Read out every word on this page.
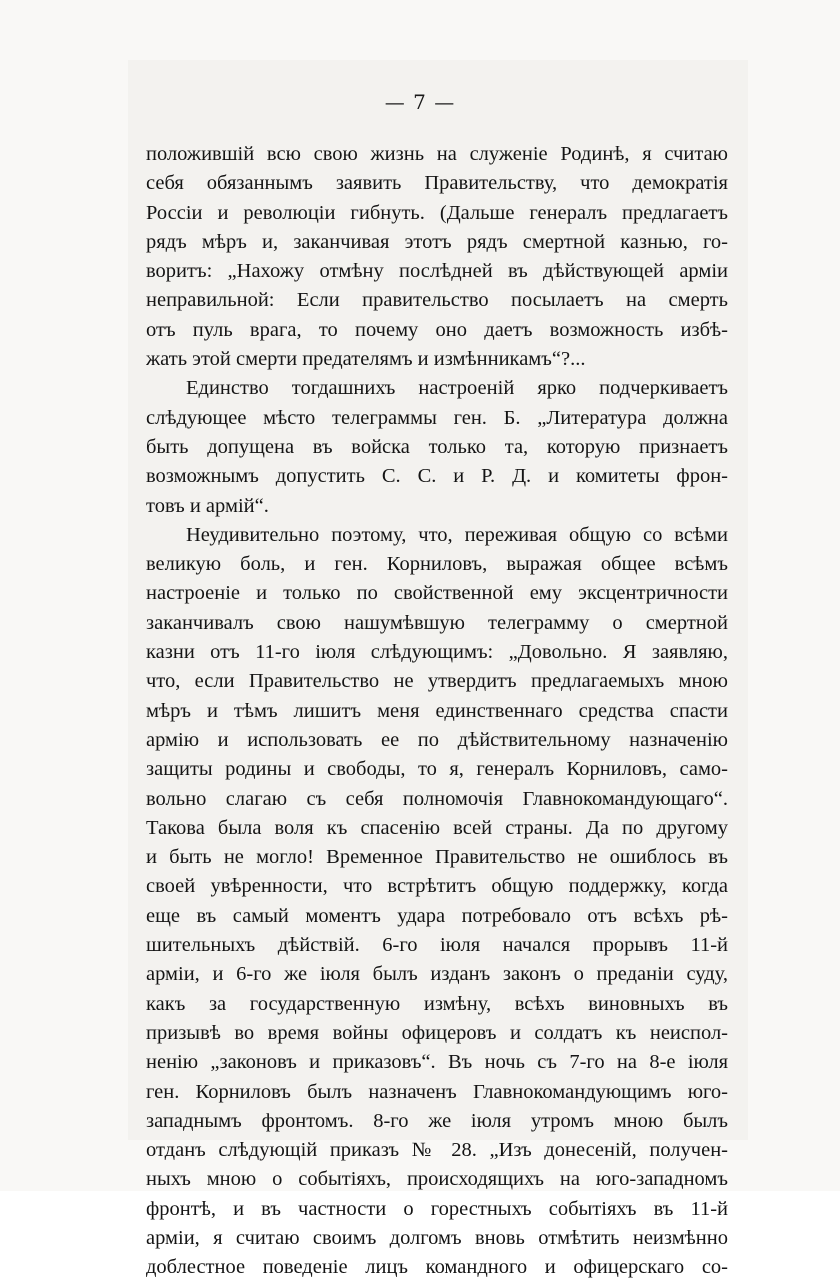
— 7 —
положившій всю свою жизнь на служеніе Родинѣ, я считаю
себя обязаннымъ заявить Правительству, что демократія
Россіи и революціи гибнуть. (Дальше генералъ предлагаетъ
рядъ мѣръ и, заканчивая этотъ рядъ смертной казнью, го-
воритъ: „Нахожу отмѣну послѣдней въ дѣйствующей арміи
неправильной: Если правительство посылаетъ на смерть
отъ пуль врага, то почему оно даетъ возможность избѣ-
жать этой смерти предателямъ и измѣнникамъ“?...
Единство тогдашнихъ настроеній ярко подчеркиваетъ
слѣдующее мѣсто телеграммы ген. Б. „Литература должна
быть допущена въ войска только та, которую признаетъ
возможнымъ допустить С. С. и Р. Д. и комитеты фрон-
товъ и армій“.
Неудивительно поэтому, что, переживая общую со всѣми
великую боль, и ген. Корниловъ, выражая общее всѣмъ
настроеніе и только по свойственной ему эксцентричности
заканчивалъ свою нашумѣвшую телеграмму о смертной
казни отъ 11-го іюля слѣдующимъ: „Довольно. Я заявляю,
что, если Правительство не утвердитъ предлагаемыхъ мною
мѣръ и тѣмъ лишитъ меня единственнаго средства спасти
армію и использовать ее по дѣйствительному назначенію
защиты родины и свободы, то я, генералъ Корниловъ, само-
вольно слагаю съ себя полномочія Главнокомандующаго“.
Такова была воля къ спасенію всей страны. Да по другому
и быть не могло! Временное Правительство не ошиблось въ
своей увѣренности, что встрѣтитъ общую поддержку, когда
еще въ самый моментъ удара потребовало отъ всѣхъ рѣ-
шительныхъ дѣйствій. 6-го іюля начался прорывъ 11-й
арміи, и 6-го же іюля былъ изданъ законъ о преданіи суду,
какъ за государственную измѣну, всѣхъ виновныхъ въ
призывѣ во время войны офицеровъ и солдатъ къ неиспол-
ненію „законовъ и приказовъ“. Въ ночь съ 7-го на 8-е іюля
ген. Корниловъ былъ назначенъ Главнокомандующимъ юго-
западнымъ фронтомъ. 8-го же іюля утромъ мною былъ
отданъ слѣдующій приказъ № 28. „Изъ донесеній, получен-
ныхъ мною о событіяхъ, происходящихъ на юго-западномъ
фронтѣ, и въ частности о горестныхъ событіяхъ въ 11-й
арміи, я считаю своимъ долгомъ вновь отмѣтить неизмѣнно
доблестное поведеніе лицъ командного и офицерскаго со-
